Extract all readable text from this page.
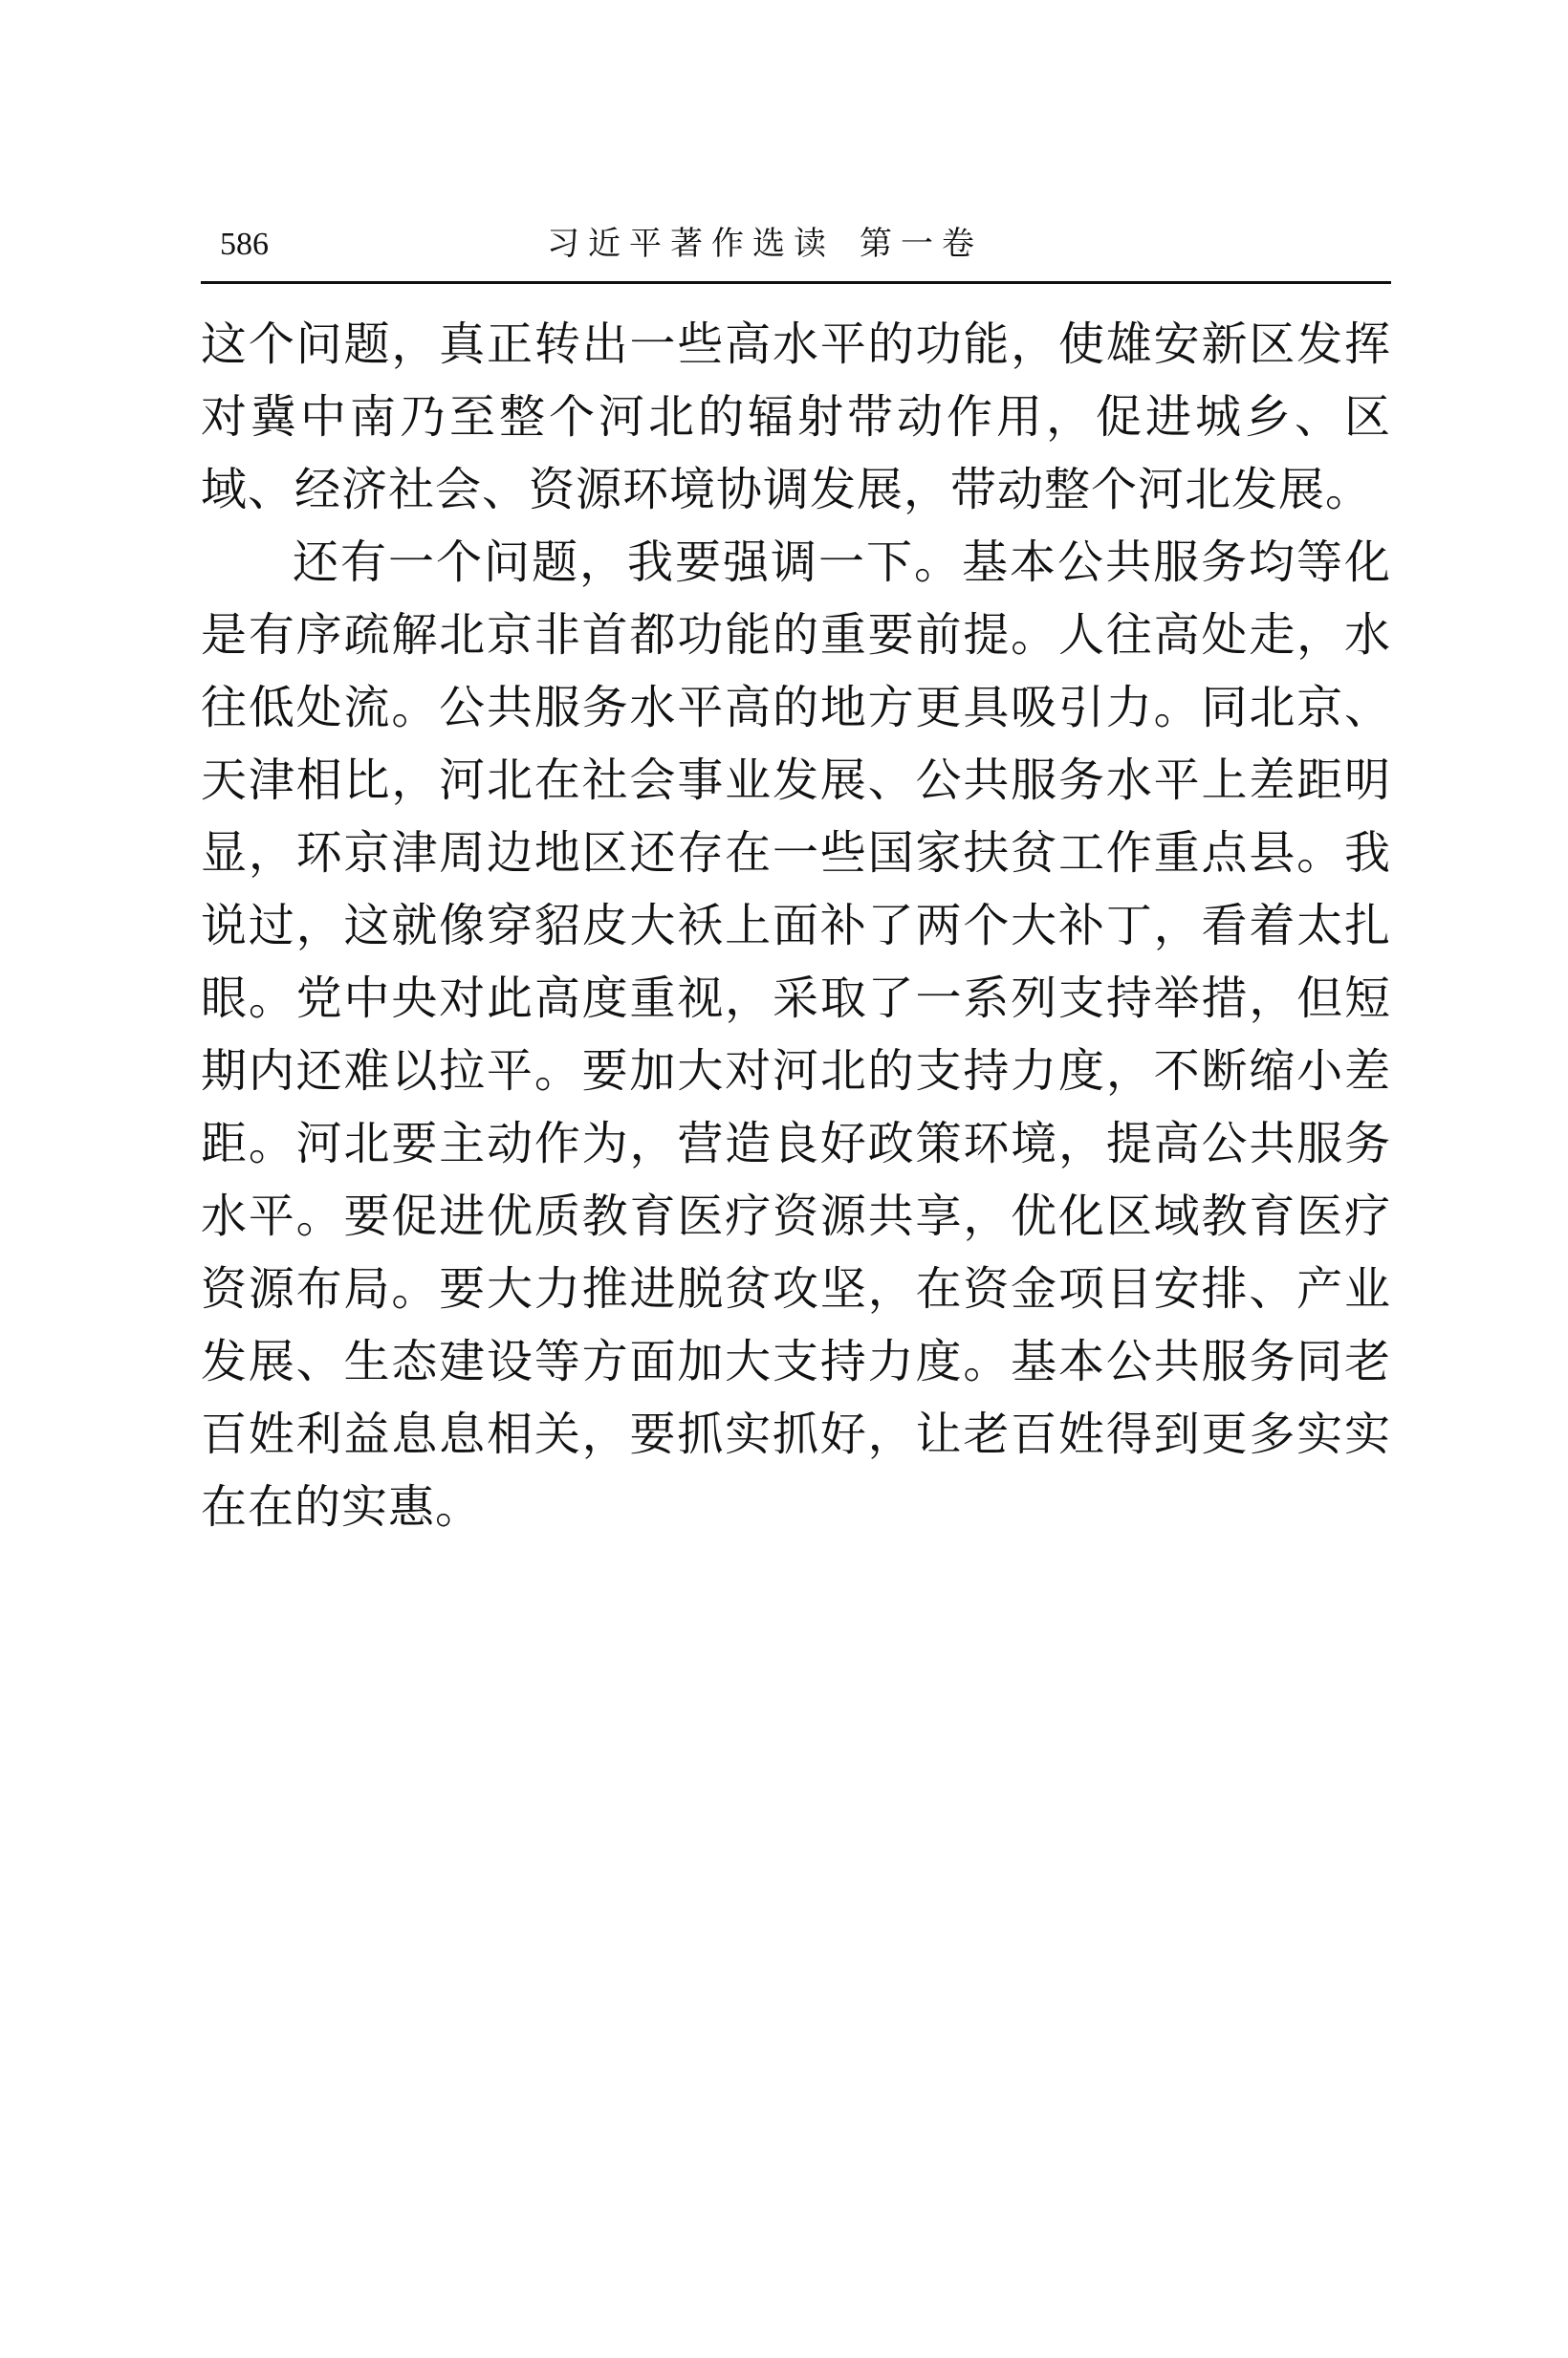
586	习近平著作选读 第一卷

这个问题，真正转出一些高水平的功能，使雄安新区发挥对冀中南乃至整个河北的辐射带动作用，促进城乡、区域、经济社会、资源环境协调发展，带动整个河北发展。

还有一个问题，我要强调一下。基本公共服务均等化是有序疏解北京非首都功能的重要前提。人往高处走，水往低处流。公共服务水平高的地方更具吸引力。同北京、天津相比，河北在社会事业发展、公共服务水平上差距明显，环京津周边地区还存在一些国家扶贫工作重点县。我说过，这就像穿貂皮大袄上面补了两个大补丁，看着太扎眼。党中央对此高度重视，采取了一系列支持举措，但短期内还难以拉平。要加大对河北的支持力度，不断缩小差距。河北要主动作为，营造良好政策环境，提高公共服务水平。要促进优质教育医疗资源共享，优化区域教育医疗资源布局。要大力推进脱贫攻坚，在资金项目安排、产业发展、生态建设等方面加大支持力度。基本公共服务同老百姓利益息息相关，要抓实抓好，让老百姓得到更多实实在在的实惠。
